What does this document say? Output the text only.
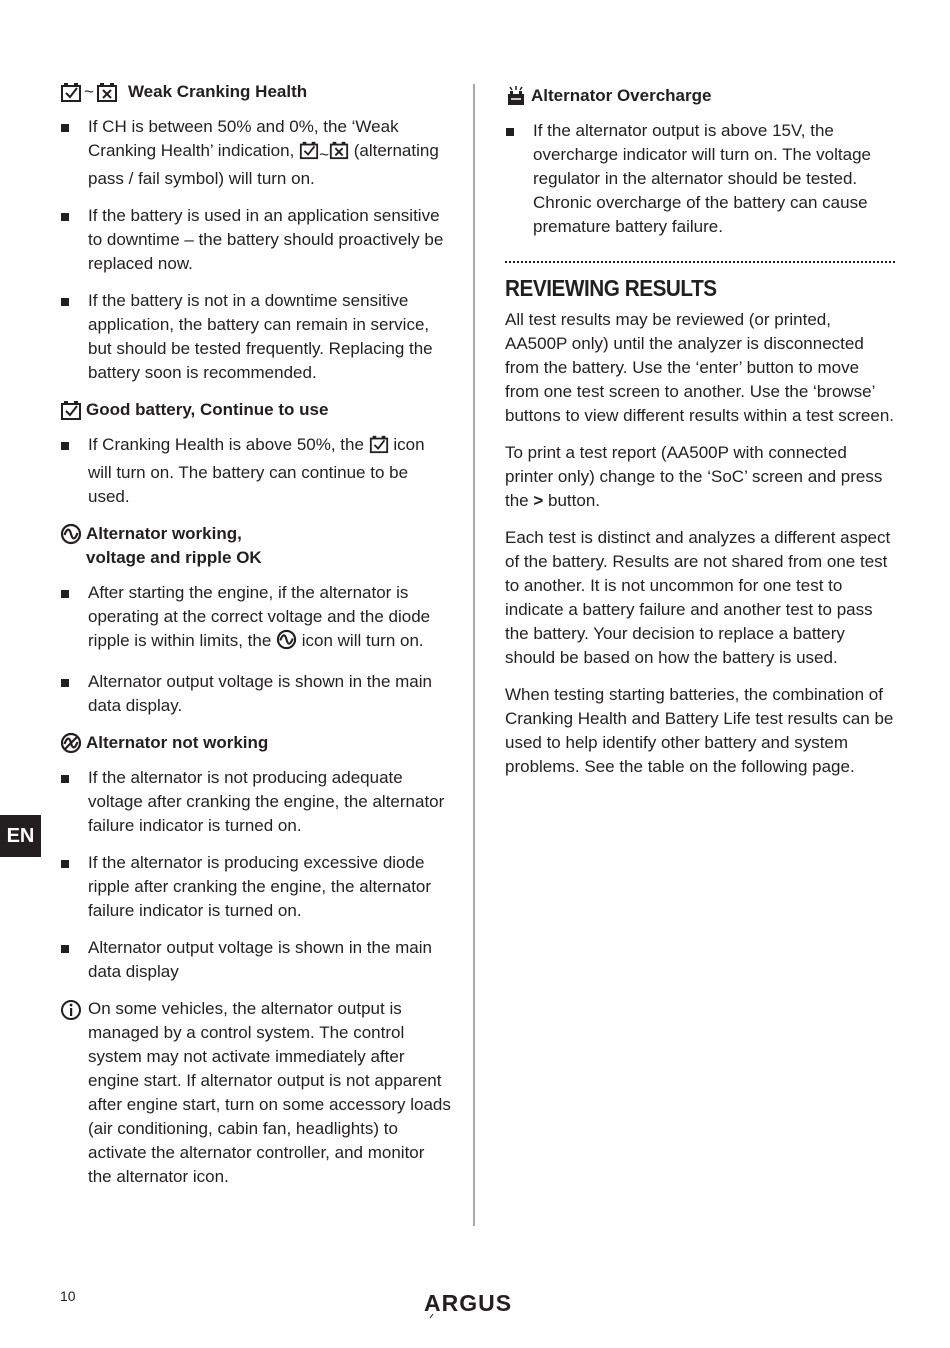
~ Weak Cranking Health
If CH is between 50% and 0%, the ‘Weak Cranking Health’ indication, ~ (alternating pass / fail symbol) will turn on.
If the battery is used in an application sensitive to downtime – the battery should proactively be replaced now.
If the battery is not in a downtime sensitive application, the battery can remain in service, but should be tested frequently. Replacing the battery soon is recommended.
Good battery, Continue to use
If Cranking Health is above 50%, the icon will turn on. The battery can continue to be used.
Alternator working,
voltage and ripple OK
After starting the engine, if the alternator is operating at the correct voltage and the diode ripple is within limits, the icon will turn on.
Alternator output voltage is shown in the main data display.
Alternator not working
If the alternator is not producing adequate voltage after cranking the engine, the alternator failure indicator is turned on.
If the alternator is producing excessive diode ripple after cranking the engine, the alternator failure indicator is turned on.
Alternator output voltage is shown in the main data display
On some vehicles, the alternator output is managed by a control system. The control system may not activate immediately after engine start. If alternator output is not apparent after engine start, turn on some accessory loads (air conditioning, cabin fan, headlights) to activate the alternator controller, and monitor the alternator icon.
Alternator Overcharge
If the alternator output is above 15V, the overcharge indicator will turn on. The voltage regulator in the alternator should be tested. Chronic overcharge of the battery can cause premature battery failure.
REVIEWING RESULTS

All test results may be reviewed (or printed, AA500P only) until the analyzer is disconnected from the battery. Use the ‘enter’ button to move from one test screen to another. Use the ‘browse’ buttons to view different results within a test screen.

To print a test report (AA500P with connected printer only) change to the ‘SoC’ screen and press the > button.

Each test is distinct and analyzes a different aspect of the battery. Results are not shared from one test to another. It is not uncommon for one test to indicate a battery failure and another test to pass the battery. Your decision to replace a battery should be based on how the battery is used.

When testing starting batteries, the combination of Cranking Health and Battery Life test results can be used to help identify other battery and system problems. See the table on the following page.

EN
10	ARGUS
